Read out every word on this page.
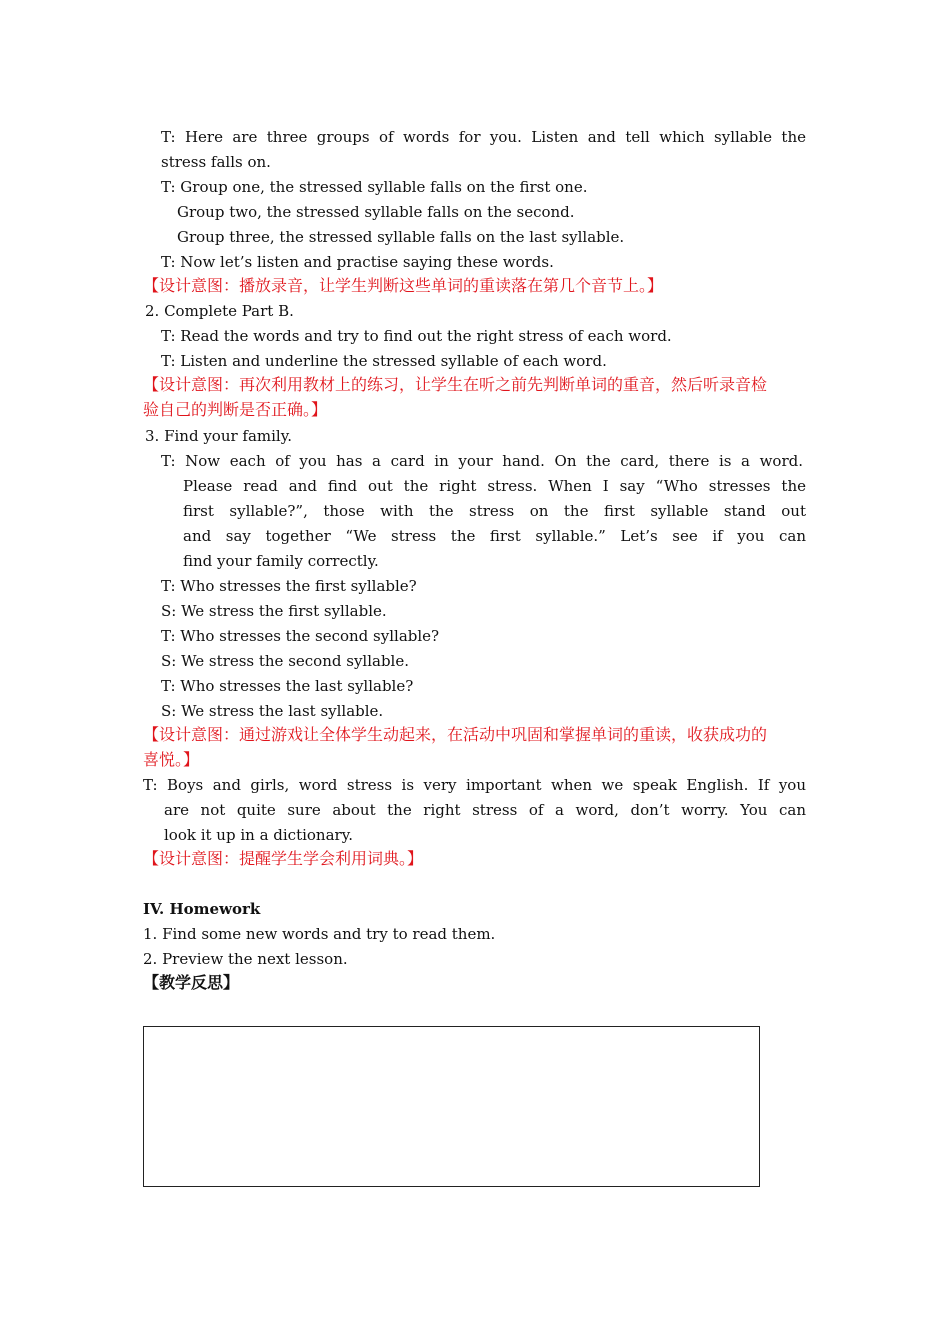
T: Here are three groups of words for you. Listen and tell which syllable the
stress falls on.
T: Group one, the stressed syllable falls on the first one.
Group two, the stressed syllable falls on the second.
Group three, the stressed syllable falls on the last syllable.
T: Now let’s listen and practise saying these words.
【设计意图：播放录音，让学生判断这些单词的重读落在第几个音节上。】
2. Complete Part B.
T: Read the words and try to find out the right stress of each word.
T: Listen and underline the stressed syllable of each word.
【设计意图：再次利用教材上的练习，让学生在听之前先判断单词的重音，然后听录音检
验自己的判断是否正确。】
3. Find your family.
T: Now each of you has a card in your hand. On the card, there is a word.
Please read and find out the right stress. When I say “Who stresses the
first syllable?”, those with the stress on the first syllable stand out
and say together “We stress the first syllable.” Let’s see if you can
find your family correctly.
T: Who stresses the first syllable?
S: We stress the first syllable.
T: Who stresses the second syllable?
S: We stress the second syllable.
T: Who stresses the last syllable?
S: We stress the last syllable.
【设计意图：通过游戏让全体学生动起来，在活动中巩固和掌握单词的重读，收获成功的
喜悦。】
T: Boys and girls, word stress is very important when we speak English. If you
are not quite sure about the right stress of a word, don’t worry. You can
look it up in a dictionary.
【设计意图：提醒学生学会利用词典。】
IV. Homework
1. Find some new words and try to read them.
2. Preview the next lesson.
【教学反思】
